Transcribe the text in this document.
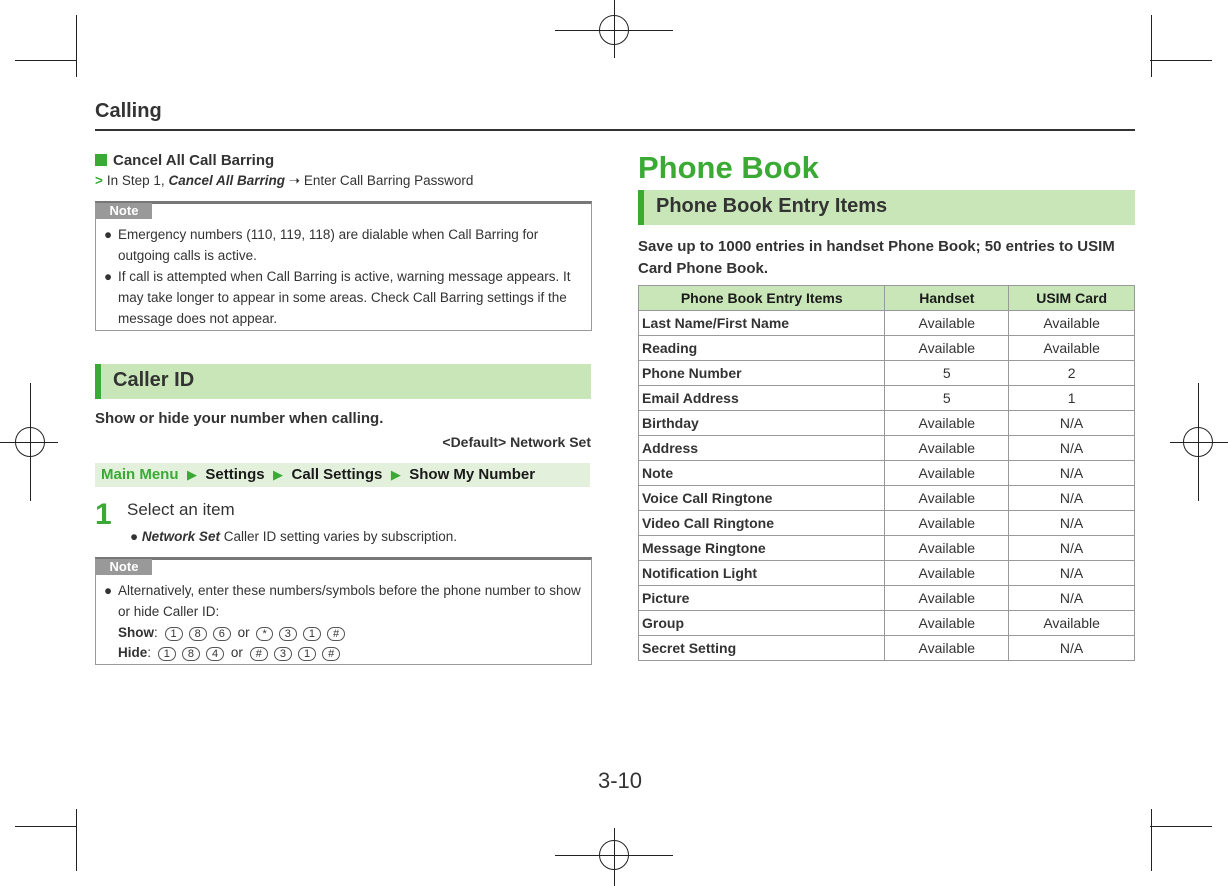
Calling
Cancel All Call Barring
> In Step 1, Cancel All Barring ➝ Enter Call Barring Password
Note
● Emergency numbers (110, 119, 118) are dialable when Call Barring for outgoing calls is active.
● If call is attempted when Call Barring is active, warning message appears. It may take longer to appear in some areas. Check Call Barring settings if the message does not appear.
Caller ID
Show or hide your number when calling.
<Default> Network Set
Main Menu ▶ Settings ▶ Call Settings ▶ Show My Number
1 Select an item
● Network Set Caller ID setting varies by subscription.
Note
● Alternatively, enter these numbers/symbols before the phone number to show or hide Caller ID:
Show: 1 8 6 or * 3 1 #
Hide: 1 8 4 or # 3 1 #
Phone Book
Phone Book Entry Items
Save up to 1000 entries in handset Phone Book; 50 entries to USIM Card Phone Book.
Phone Book Entry Items	Handset	USIM Card
Last Name/First Name	Available	Available
Reading	Available	Available
Phone Number	5	2
Email Address	5	1
Birthday	Available	N/A
Address	Available	N/A
Note	Available	N/A
Voice Call Ringtone	Available	N/A
Video Call Ringtone	Available	N/A
Message Ringtone	Available	N/A
Notification Light	Available	N/A
Picture	Available	N/A
Group	Available	Available
Secret Setting	Available	N/A
3-10
